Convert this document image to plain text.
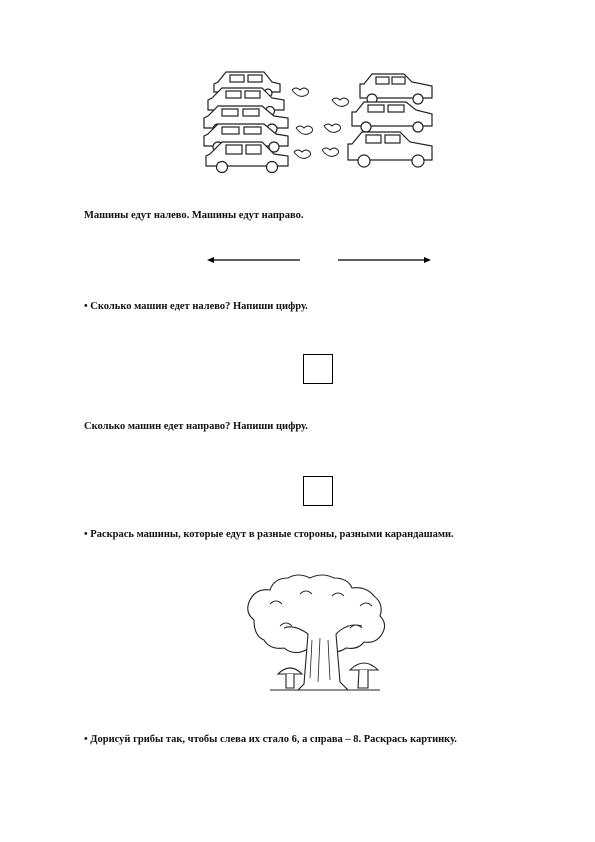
Машины едут налево. Машины едут направо.
• Сколько машин едет налево? Напиши цифру.
Сколько машин едет направо? Напиши цифру.
• Раскрась машины, которые едут в разные стороны, разными карандашами.
• Дорисуй грибы так, чтобы слева их стало 6, а справа – 8. Раскрась картинку.
